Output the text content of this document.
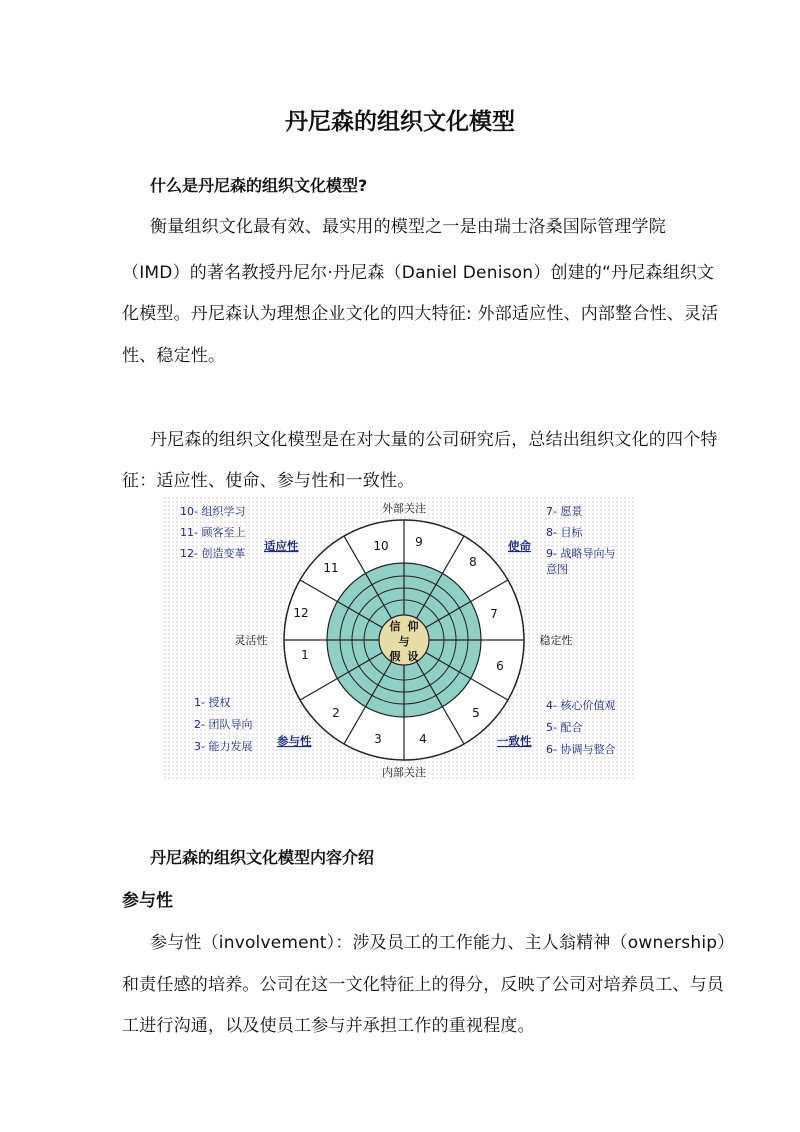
丹尼森的组织文化模型
什么是丹尼森的组织文化模型?
衡量组织文化最有效、最实用的模型之一是由瑞士洛桑国际管理学院
（IMD）的著名教授丹尼尔·丹尼森（Daniel Denison）创建的“丹尼森组织文
化模型。丹尼森认为理想企业文化的四大特征: 外部适应性、内部整合性、灵活
性、稳定性。
丹尼森的组织文化模型是在对大量的公司研究后，总结出组织文化的四个特
征：适应性、使命、参与性和一致性。
信 仰
与
假 设
9
8
7
6
5
4
3
2
1
12
11
10
外部关注
内部关注
灵活性	稳定性
适应性	使命
参与性	一致性
10- 组织学习
11- 顾客至上
12- 创造变革
7- 愿景
8- 目标
9- 战略导向与
意图
1- 授权
2- 团队导向
3- 能力发展
4- 核心价值观
5- 配合
6- 协调与整合
丹尼森的组织文化模型内容介绍
参与性
参与性（involvement）：涉及员工的工作能力、主人翁精神（ownership）
和责任感的培养。公司在这一文化特征上的得分，反映了公司对培养员工、与员
工进行沟通，以及使员工参与并承担工作的重视程度。
